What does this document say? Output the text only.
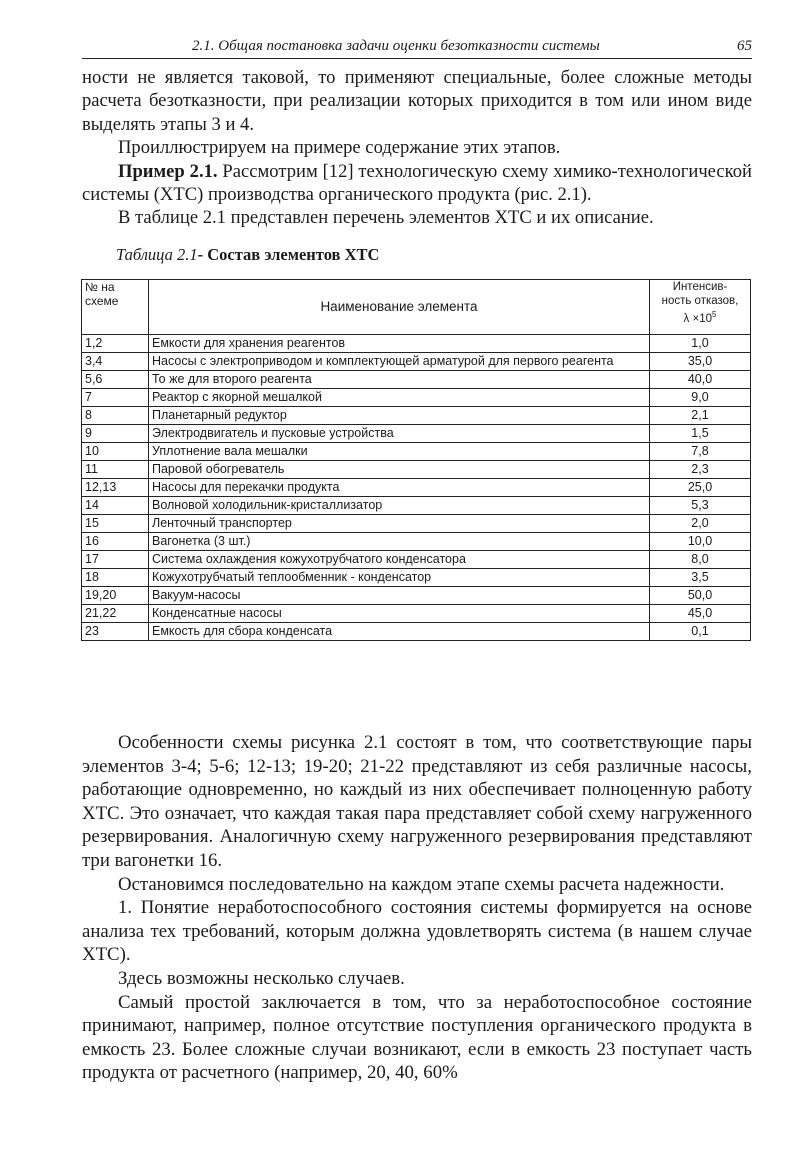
2.1. Общая постановка задачи оценки безотказности системы	65

ности не является таковой, то применяют специальные, более сложные методы расчета безотказности, при реализации которых приходится в том или ином виде выделять этапы 3 и 4.

Проиллюстрируем на примере содержание этих этапов.

Пример 2.1. Рассмотрим [12] технологическую схему химико-технологической системы (ХТС) производства органического продукта (рис. 2.1).

В таблице 2.1 представлен перечень элементов ХТС и их описание.

Таблица 2.1- Состав элементов ХТС
№ на
схеме	Наименование элемента	Интенсив-
ность отказов,
$\lambda \times 10^5$
1,2	Емкости для хранения реагентов	1,0
3,4	Насосы с электроприводом и комплектующей арматурой для первого реагента	35,0
5,6	То же для второго реагента	40,0
7	Реактор с якорной мешалкой	9,0
8	Планетарный редуктор	2,1
9	Электродвигатель и пусковые устройства	1,5
10	Уплотнение вала мешалки	7,8
11	Паровой обогреватель	2,3
12,13	Насосы для перекачки продукта	25,0
14	Волновой холодильник-кристаллизатор	5,3
15	Ленточный транспортер	2,0
16	Вагонетка (3 шт.)	10,0
17	Система охлаждения кожухотрубчатого конденсатора	8,0
18	Кожухотрубчатый теплообменник - конденсатор	3,5
19,20	Вакуум-насосы	50,0
21,22	Конденсатные насосы	45,0
23	Емкость для сбора конденсата	0,1

Особенности схемы рисунка 2.1 состоят в том, что соответствующие пары элементов 3-4; 5-6; 12-13; 19-20; 21-22 представляют из себя различные насосы, работающие одновременно, но каждый из них обеспечивает полноценную работу ХТС. Это означает, что каждая такая пара представляет собой схему нагруженного резервирования. Аналогичную схему нагруженного резервирования представляют три вагонетки 16.

Остановимся последовательно на каждом этапе схемы расчета надежности.

1. Понятие неработоспособного состояния системы формируется на основе анализа тех требований, которым должна удовлетворять система (в нашем случае ХТС).

Здесь возможны несколько случаев.

Самый простой заключается в том, что за неработоспособное состояние принимают, например, полное отсутствие поступления органического продукта в емкость 23. Более сложные случаи возникают, если в емкость 23 поступает часть продукта от расчетного (например, 20, 40, 60%
